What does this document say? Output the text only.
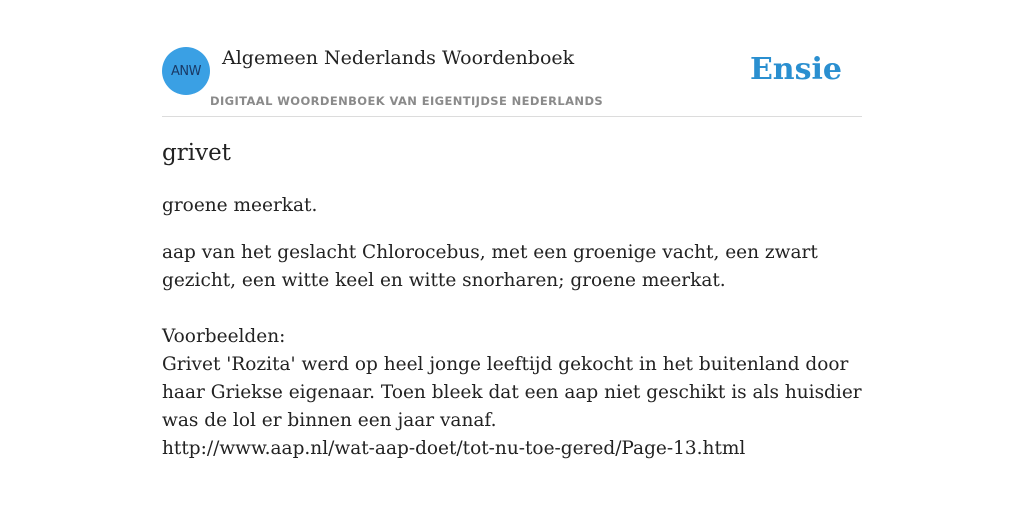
ANW
Algemeen Nederlands Woordenboek
DIGITAAL WOORDENBOEK VAN EIGENTIJDSE NEDERLANDS
Ensie
grivet
groene meerkat.
aap van het geslacht Chlorocebus, met een groenige vacht, een zwart gezicht, een witte keel en witte snorharen; groene meerkat.
Voorbeelden:
Grivet 'Rozita' werd op heel jonge leeftijd gekocht in het buitenland door haar Griekse eigenaar. Toen bleek dat een aap niet geschikt is als huisdier was de lol er binnen een jaar vanaf.
http://www.aap.nl/wat-aap-doet/tot-nu-toe-gered/Page-13.html
